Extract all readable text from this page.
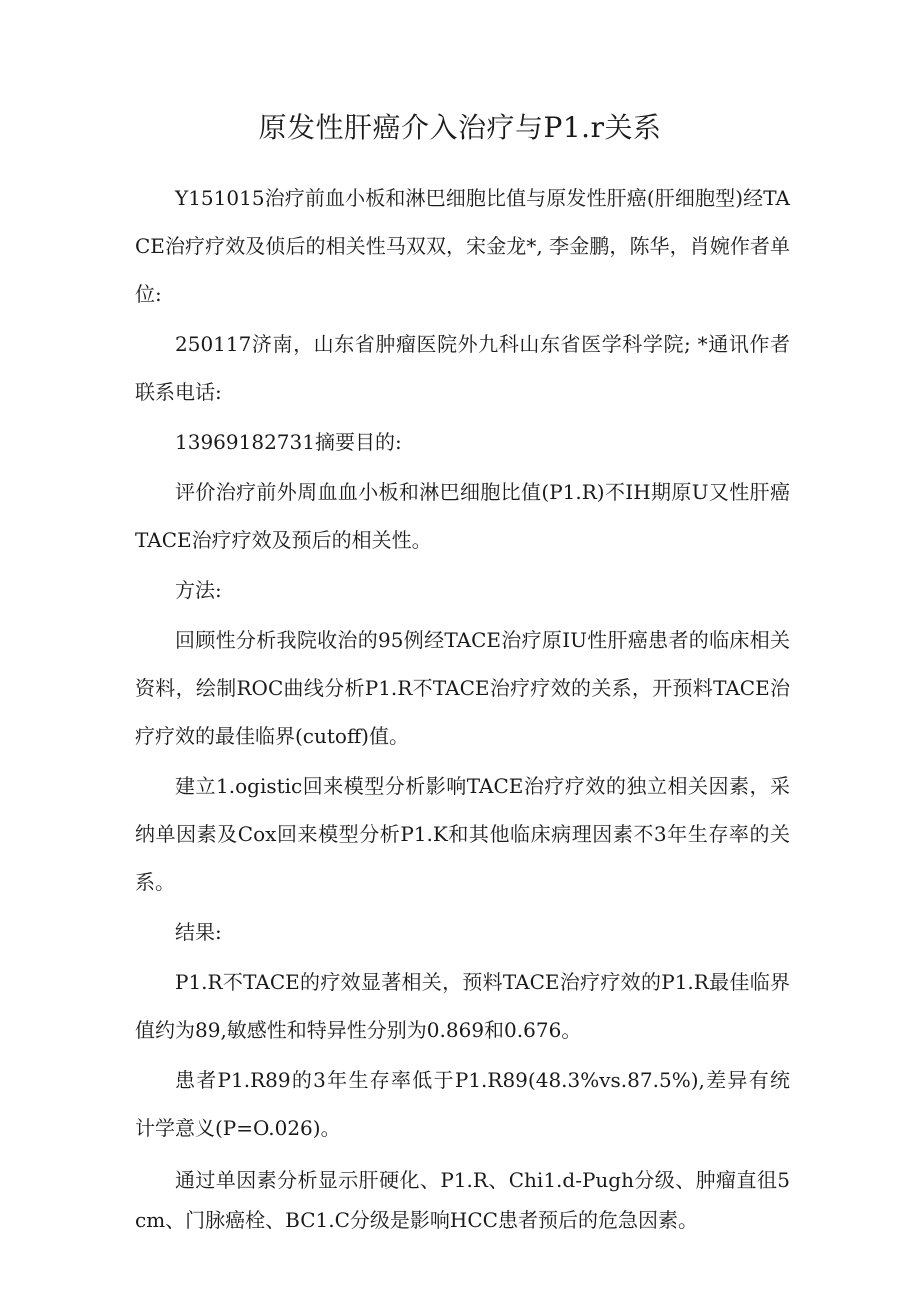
原发性肝癌介入治疗与P1.r关系

Y151015治疗前血小板和淋巴细胞比值与原发性肝癌(肝细胞型)经TACE治疗疗效及侦后的相关性马双双，宋金龙*, 李金鹏，陈华，肖婉作者单位:

250117济南，山东省肿瘤医院外九科山东省医学科学院; *通讯作者联系电话:

13969182731摘要目的:

评价治疗前外周血血小板和淋巴细胞比值(P1.R)不IH期原U又性肝癌TACE治疗疗效及预后的相关性。

方法:

回顾性分析我院收治的95例经TACE治疗原IU性肝癌患者的临床相关资料，绘制ROC曲线分析P1.R不TACE治疗疗效的关系，开预料TACE治疗疗效的最佳临界(cutoff)值。

建立1.ogistic回来模型分析影响TACE治疗疗效的独立相关因素，采纳单因素及Cox回来模型分析P1.K和其他临床病理因素不3年生存率的关系。

结果:

P1.R不TACE的疗效显著相关，预料TACE治疗疗效的P1.R最佳临界值约为89,敏感性和特异性分别为0.869和0.676。

患者P1.R89的3年生存率低于P1.R89(48.3%vs.87.5%),差异有统计学意义(P=O.026)。

通过单因素分析显示肝硬化、P1.R、Chi1.d-Pugh分级、肿瘤直徂5cm、门脉癌栓、BC1.C分级是影响HCC患者预后的危急因素。
